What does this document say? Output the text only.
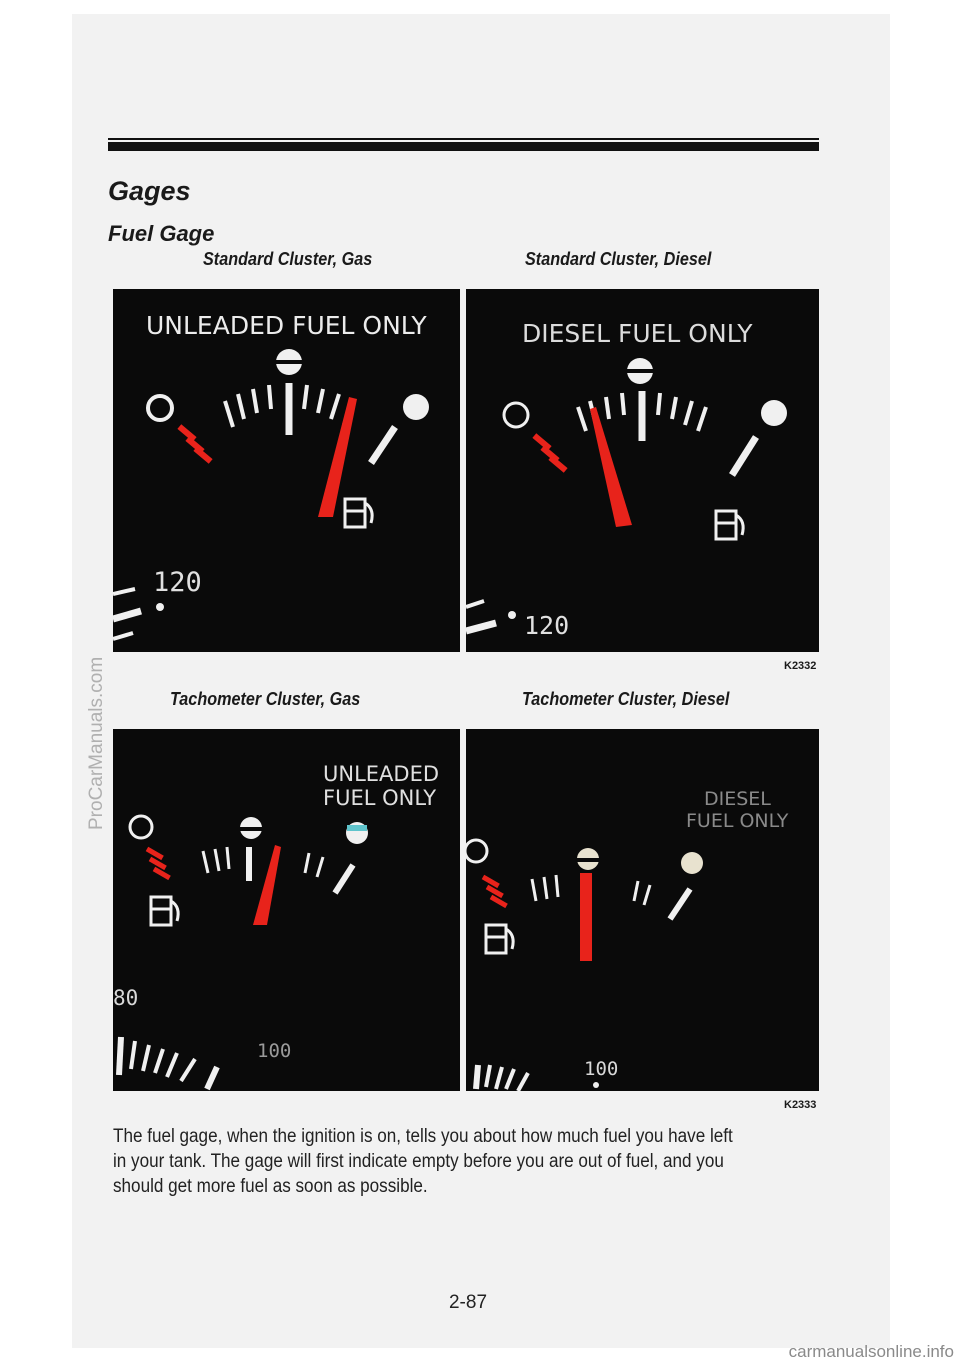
Gages
Fuel Gage
Standard Cluster, Gas	Standard Cluster, Diesel
UNLEADED FUEL ONLY
120
DIESEL FUEL ONLY
120
K2332
Tachometer Cluster, Gas	Tachometer Cluster, Diesel
UNLEADED
FUEL ONLY
80
100
DIESEL
FUEL ONLY
100
K2333

The fuel gage, when the ignition is on, tells you about how much fuel you have left in your tank. The gage will first indicate empty before you are out of fuel, and you should get more fuel as soon as possible.

2-87
ProCarManuals.com
carmanualsonline.info
